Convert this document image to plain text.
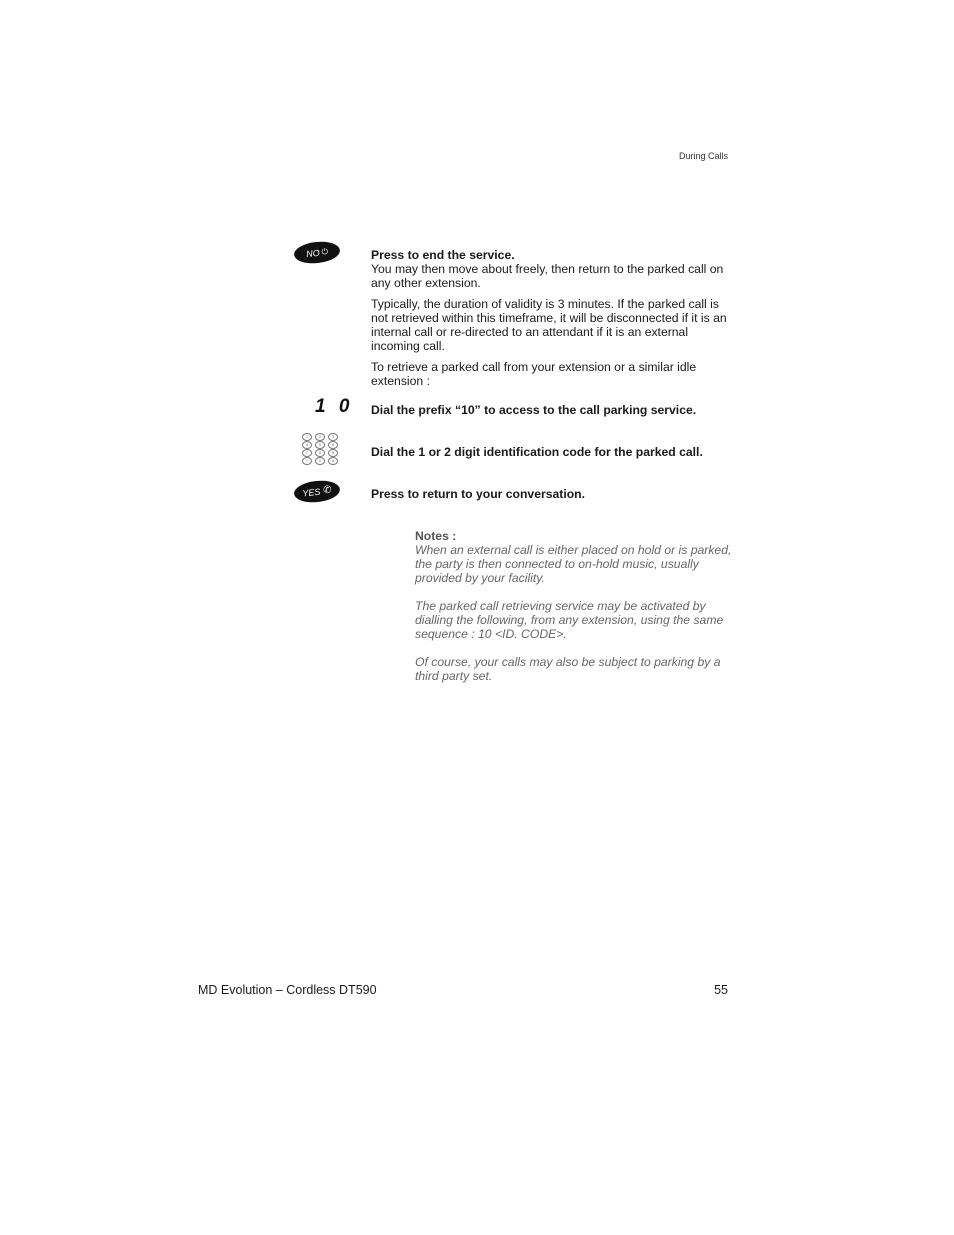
During Calls
NO ⏻	Press to end the service.

You may then move about freely, then return to the parked call on any other extension.

Typically, the duration of validity is 3 minutes. If the parked call is not retrieved within this timeframe, it will be disconnected if it is an internal call or re-directed to an attendant if it is an external incoming call.

To retrieve a parked call from your extension or a similar idle extension :

1 0 Dial the prefix “10” to access to the call parking service.
1	2	3
4	5	6
7	8	9
*	0	#
Dial the 1 or 2 digit identification code for the parked call.
YES ✆	Press to return to your conversation.

Notes :

When an external call is either placed on hold or is parked, the party is then connected to on-hold music, usually provided by your facility.

The parked call retrieving service may be activated by dialling the following, from any extension, using the same sequence : 10 <ID. CODE>.

Of course, your calls may also be subject to parking by a third party set.

MD Evolution – Cordless DT590	55
